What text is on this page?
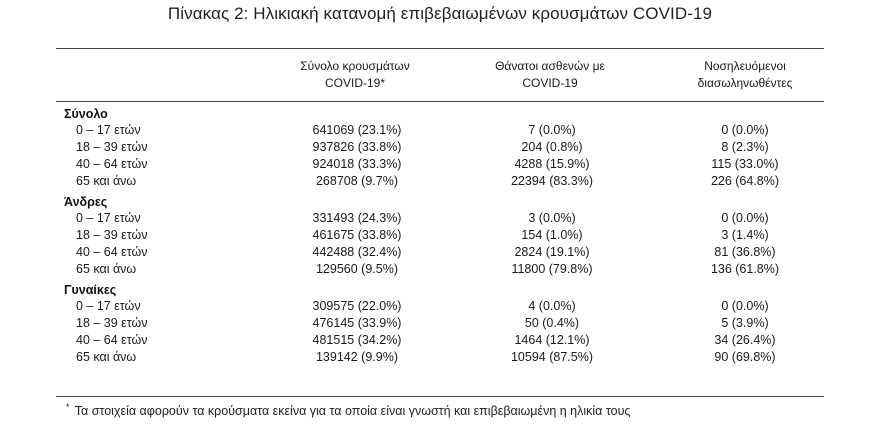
Πίνακας 2: Ηλικιακή κατανομή επιβεβαιωμένων κρουσμάτων COVID-19
Σύνολο κρουσμάτων
COVID-19*
Θάνατοι ασθενών με
COVID-19
Νοσηλευόμενοι
διασωληνωθέντες
Σύνολο
0 – 17 ετών	641069 (23.1%)	7 (0.0%)	0 (0.0%)
18 – 39 ετών	937826 (33.8%)	204 (0.8%)	8 (2.3%)
40 – 64 ετών	924018 (33.3%)	4288 (15.9%)	115 (33.0%)
65 και άνω	268708 (9.7%)	22394 (83.3%)	226 (64.8%)
Άνδρες
0 – 17 ετών	331493 (24.3%)	3 (0.0%)	0 (0.0%)
18 – 39 ετών	461675 (33.8%)	154 (1.0%)	3 (1.4%)
40 – 64 ετών	442488 (32.4%)	2824 (19.1%)	81 (36.8%)
65 και άνω	129560 (9.5%)	11800 (79.8%)	136 (61.8%)
Γυναίκες
0 – 17 ετών	309575 (22.0%)	4 (0.0%)	0 (0.0%)
18 – 39 ετών	476145 (33.9%)	50 (0.4%)	5 (3.9%)
40 – 64 ετών	481515 (34.2%)	1464 (12.1%)	34 (26.4%)
65 και άνω	139142 (9.9%)	10594 (87.5%)	90 (69.8%)
* Τα στοιχεία αφορούν τα κρούσματα εκείνα για τα οποία είναι γνωστή και επιβεβαιωμένη η ηλικία τους
